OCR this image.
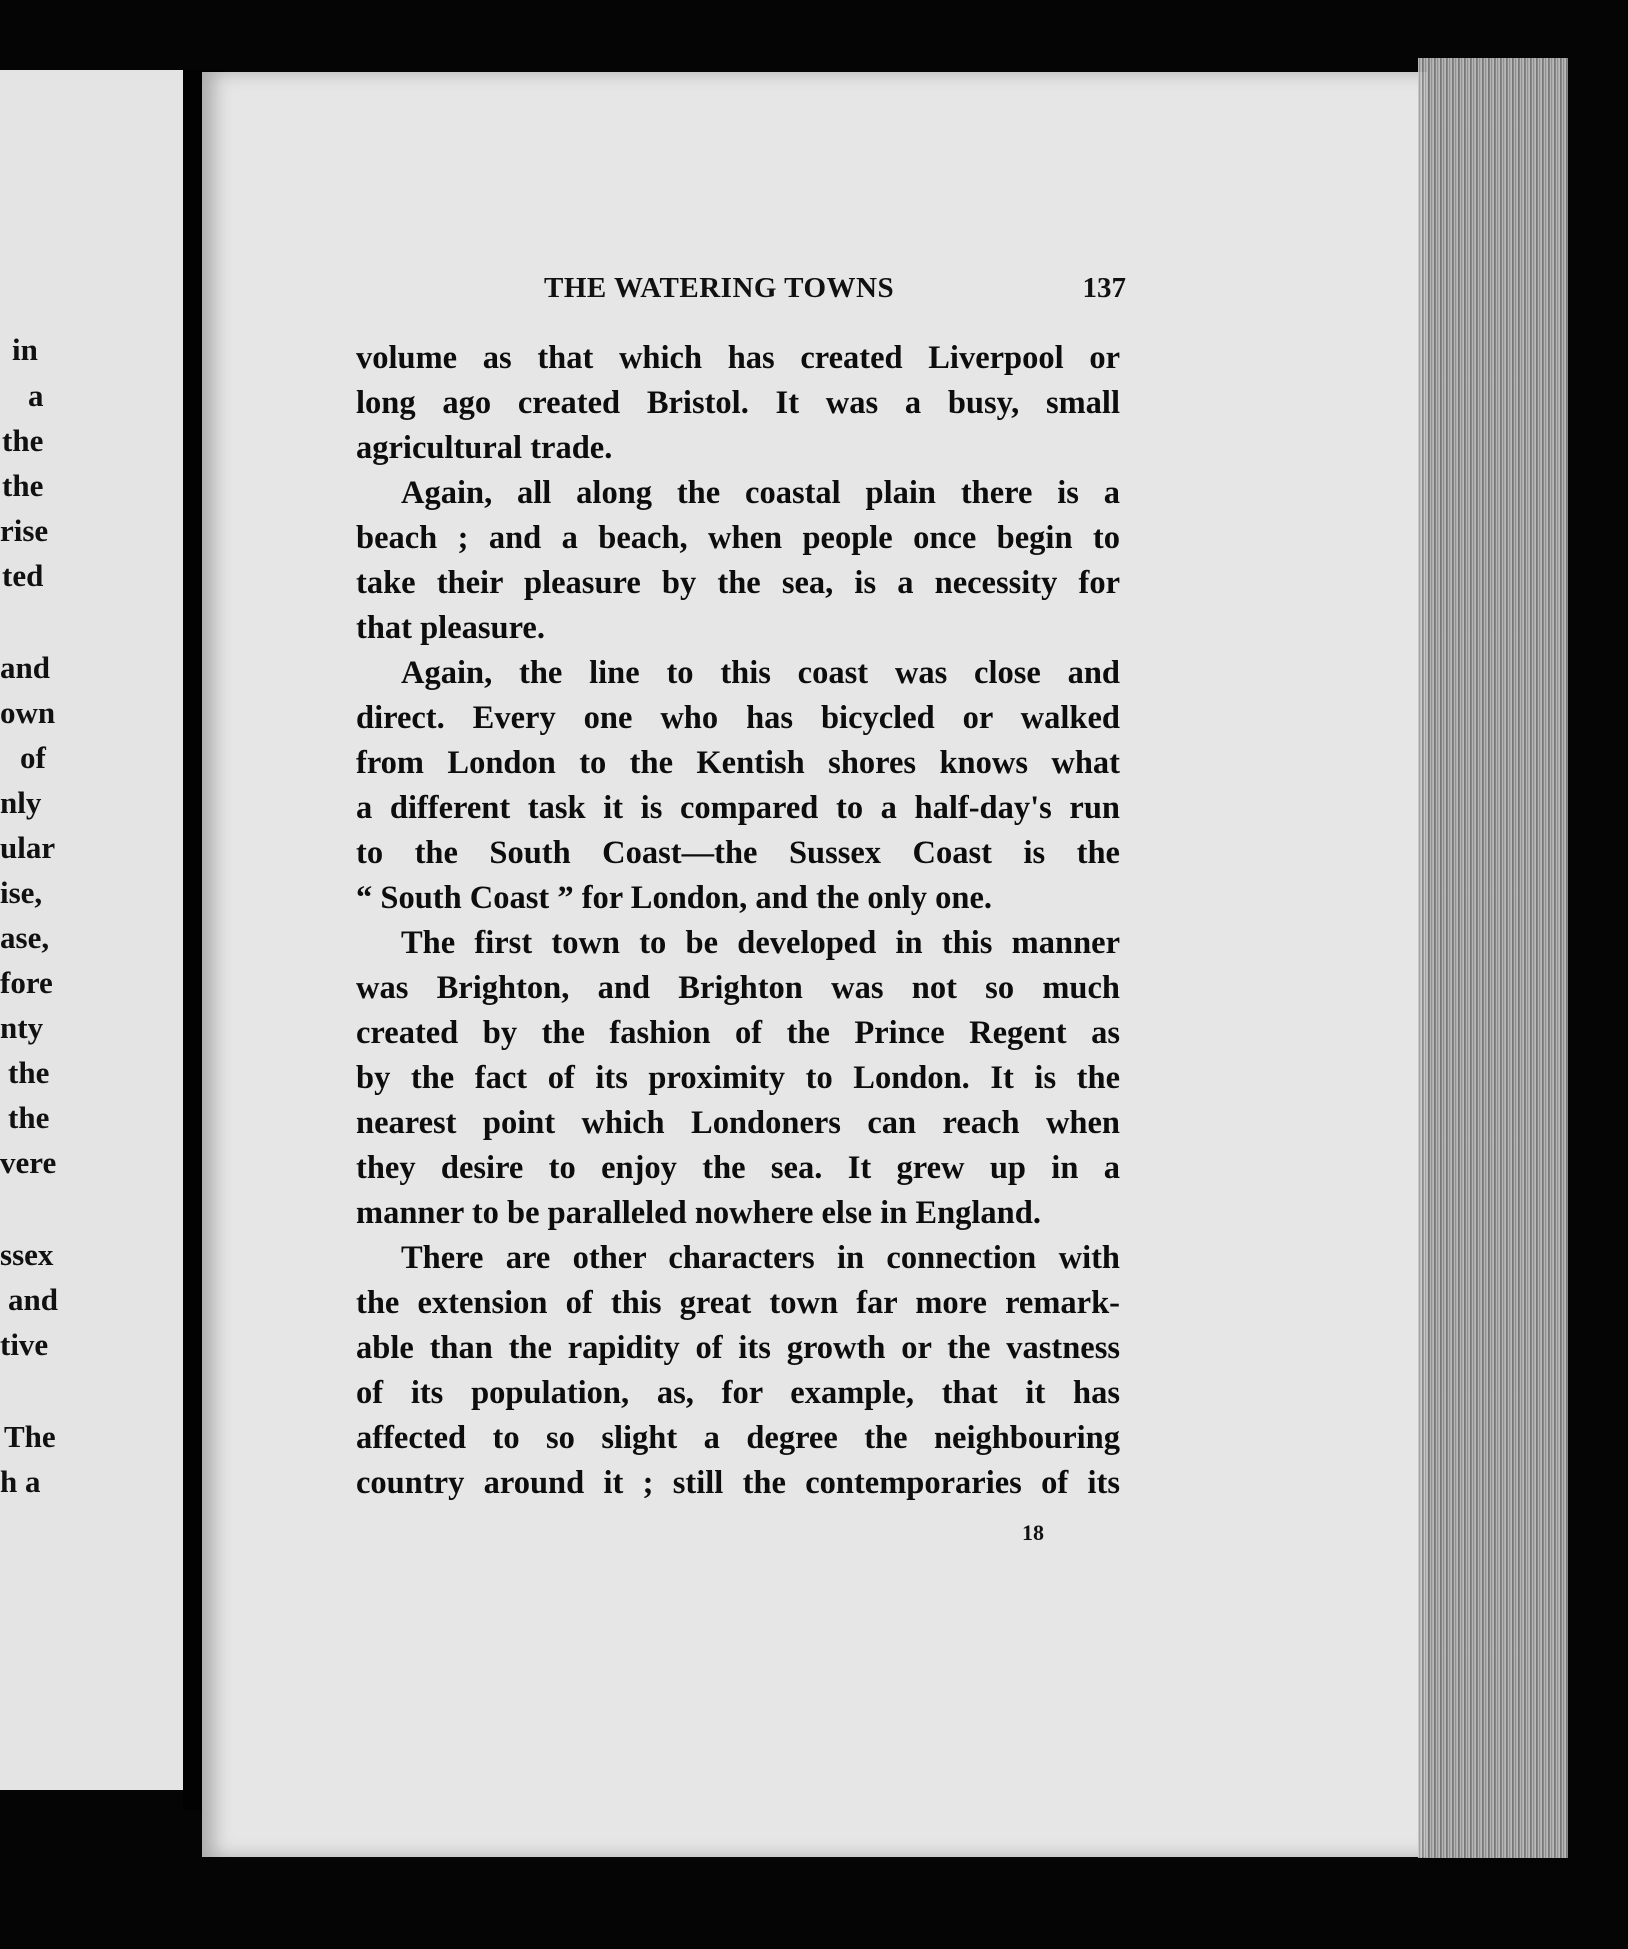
in
a
the
the
rise
ted
and
own
of
nly
ular
ise,
ase,
fore
nty
the
the
vere
ssex
and
tive
The
h a
THE WATERING TOWNS	137
volume as that which has created Liverpool or
long ago created Bristol. It was a busy, small
agricultural trade.
Again, all along the coastal plain there is a
beach ; and a beach, when people once begin to
take their pleasure by the sea, is a necessity for
that pleasure.
Again, the line to this coast was close and
direct. Every one who has bicycled or walked
from London to the Kentish shores knows what
a different task it is compared to a half-day's run
to the South Coast—the Sussex Coast is the
“ South Coast ” for London, and the only one.
The first town to be developed in this manner
was Brighton, and Brighton was not so much
created by the fashion of the Prince Regent as
by the fact of its proximity to London. It is the
nearest point which Londoners can reach when
they desire to enjoy the sea. It grew up in a
manner to be paralleled nowhere else in England.
There are other characters in connection with
the extension of this great town far more remark-
able than the rapidity of its growth or the vastness
of its population, as, for example, that it has
affected to so slight a degree the neighbouring
country around it ; still the contemporaries of its
18
